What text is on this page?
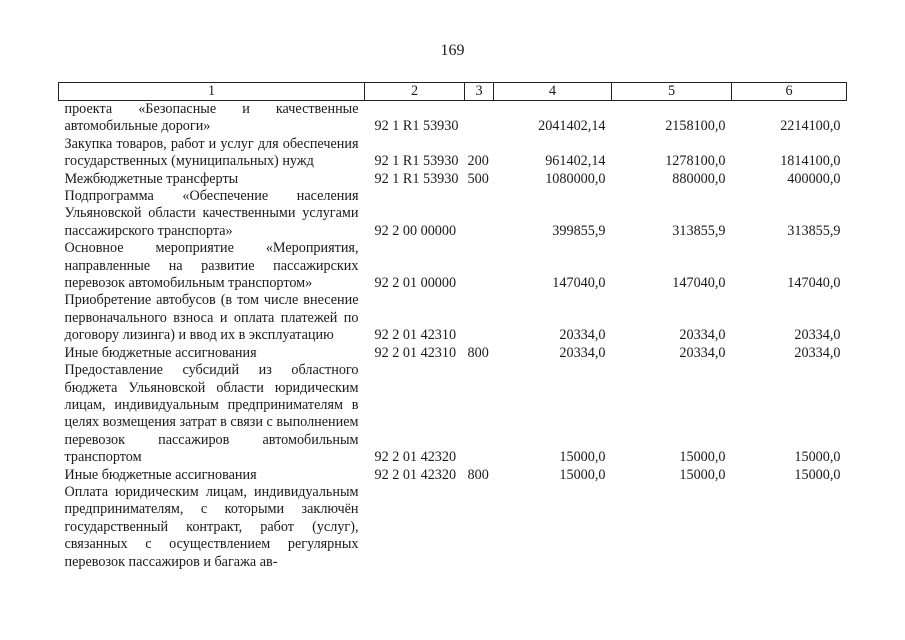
169
1	2	3	4	5	6
проекта «Безопасные и качественные автомобильные дороги»	92 1 R1 53930		2041402,14	2158100,0	2214100,0
Закупка товаров, работ и услуг для обеспечения государственных (муниципальных) нужд	92 1 R1 53930	200	961402,14	1278100,0	1814100,0
Межбюджетные трансферты	92 1 R1 53930	500	1080000,0	880000,0	400000,0
Подпрограмма «Обеспечение населения Ульяновской области качественными услугами пассажирского транспорта»	92 2 00 00000		399855,9	313855,9	313855,9
Основное мероприятие «Мероприятия, направленные на развитие пассажирских перевозок автомобильным транспортом»	92 2 01 00000		147040,0	147040,0	147040,0
Приобретение автобусов (в том числе внесение первоначального взноса и оплата платежей по договору лизинга) и ввод их в эксплуатацию	92 2 01 42310		20334,0	20334,0	20334,0
Иные бюджетные ассигнования	92 2 01 42310	800	20334,0	20334,0	20334,0
Предоставление субсидий из областного бюджета Ульяновской области юридическим лицам, индивидуальным предпринимателям в целях возмещения затрат в связи с выполнением перевозок пассажиров автомобильным транспортом	92 2 01 42320		15000,0	15000,0	15000,0
Иные бюджетные ассигнования	92 2 01 42320	800	15000,0	15000,0	15000,0
Оплата юридическим лицам, индивидуальным предпринимателям, с которыми заключён государственный контракт, работ (услуг), связанных с осуществлением регулярных перевозок пассажиров и багажа ав-					
